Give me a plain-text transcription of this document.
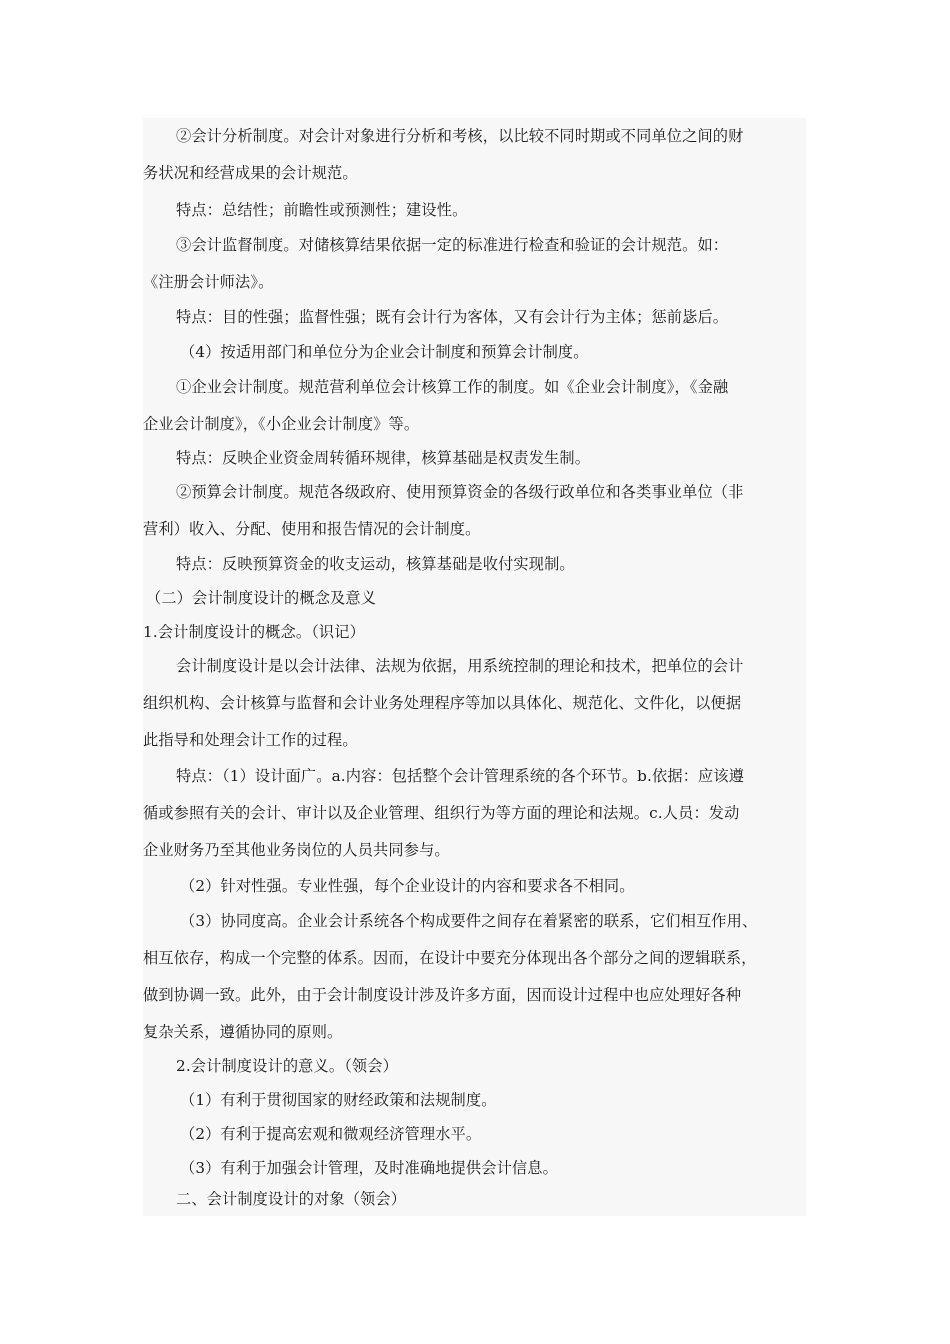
②会计分析制度。对会计对象进行分析和考核，以比较不同时期或不同单位之间的财
务状况和经营成果的会计规范。
特点：总结性；前瞻性或预测性；建设性。
③会计监督制度。对储核算结果依据一定的标准进行检查和验证的会计规范。如：
《注册会计师法》。
特点：目的性强；监督性强；既有会计行为客体，又有会计行为主体；惩前毖后。
（4）按适用部门和单位分为企业会计制度和预算会计制度。
①企业会计制度。规范营利单位会计核算工作的制度。如《企业会计制度》，《金融
企业会计制度》，《小企业会计制度》等。
特点：反映企业资金周转循环规律，核算基础是权责发生制。
②预算会计制度。规范各级政府、使用预算资金的各级行政单位和各类事业单位（非
营利）收入、分配、使用和报告情况的会计制度。
特点：反映预算资金的收支运动，核算基础是收付实现制。
（二）会计制度设计的概念及意义
1.会计制度设计的概念。（识记）
会计制度设计是以会计法律、法规为依据，用系统控制的理论和技术，把单位的会计
组织机构、会计核算与监督和会计业务处理程序等加以具体化、规范化、文件化，以便据
此指导和处理会计工作的过程。
特点：（1）设计面广。a.内容：包括整个会计管理系统的各个环节。b.依据：应该遵
循或参照有关的会计、审计以及企业管理、组织行为等方面的理论和法规。c.人员：发动
企业财务乃至其他业务岗位的人员共同参与。
（2）针对性强。专业性强，每个企业设计的内容和要求各不相同。
（3）协同度高。企业会计系统各个构成要件之间存在着紧密的联系，它们相互作用、
相互依存，构成一个完整的体系。因而，在设计中要充分体现出各个部分之间的逻辑联系，
做到协调一致。此外，由于会计制度设计涉及许多方面，因而设计过程中也应处理好各种
复杂关系，遵循协同的原则。
2.会计制度设计的意义。（领会）
（1）有利于贯彻国家的财经政策和法规制度。
（2）有利于提高宏观和微观经济管理水平。
（3）有利于加强会计管理，及时准确地提供会计信息。
二、会计制度设计的对象（领会）
